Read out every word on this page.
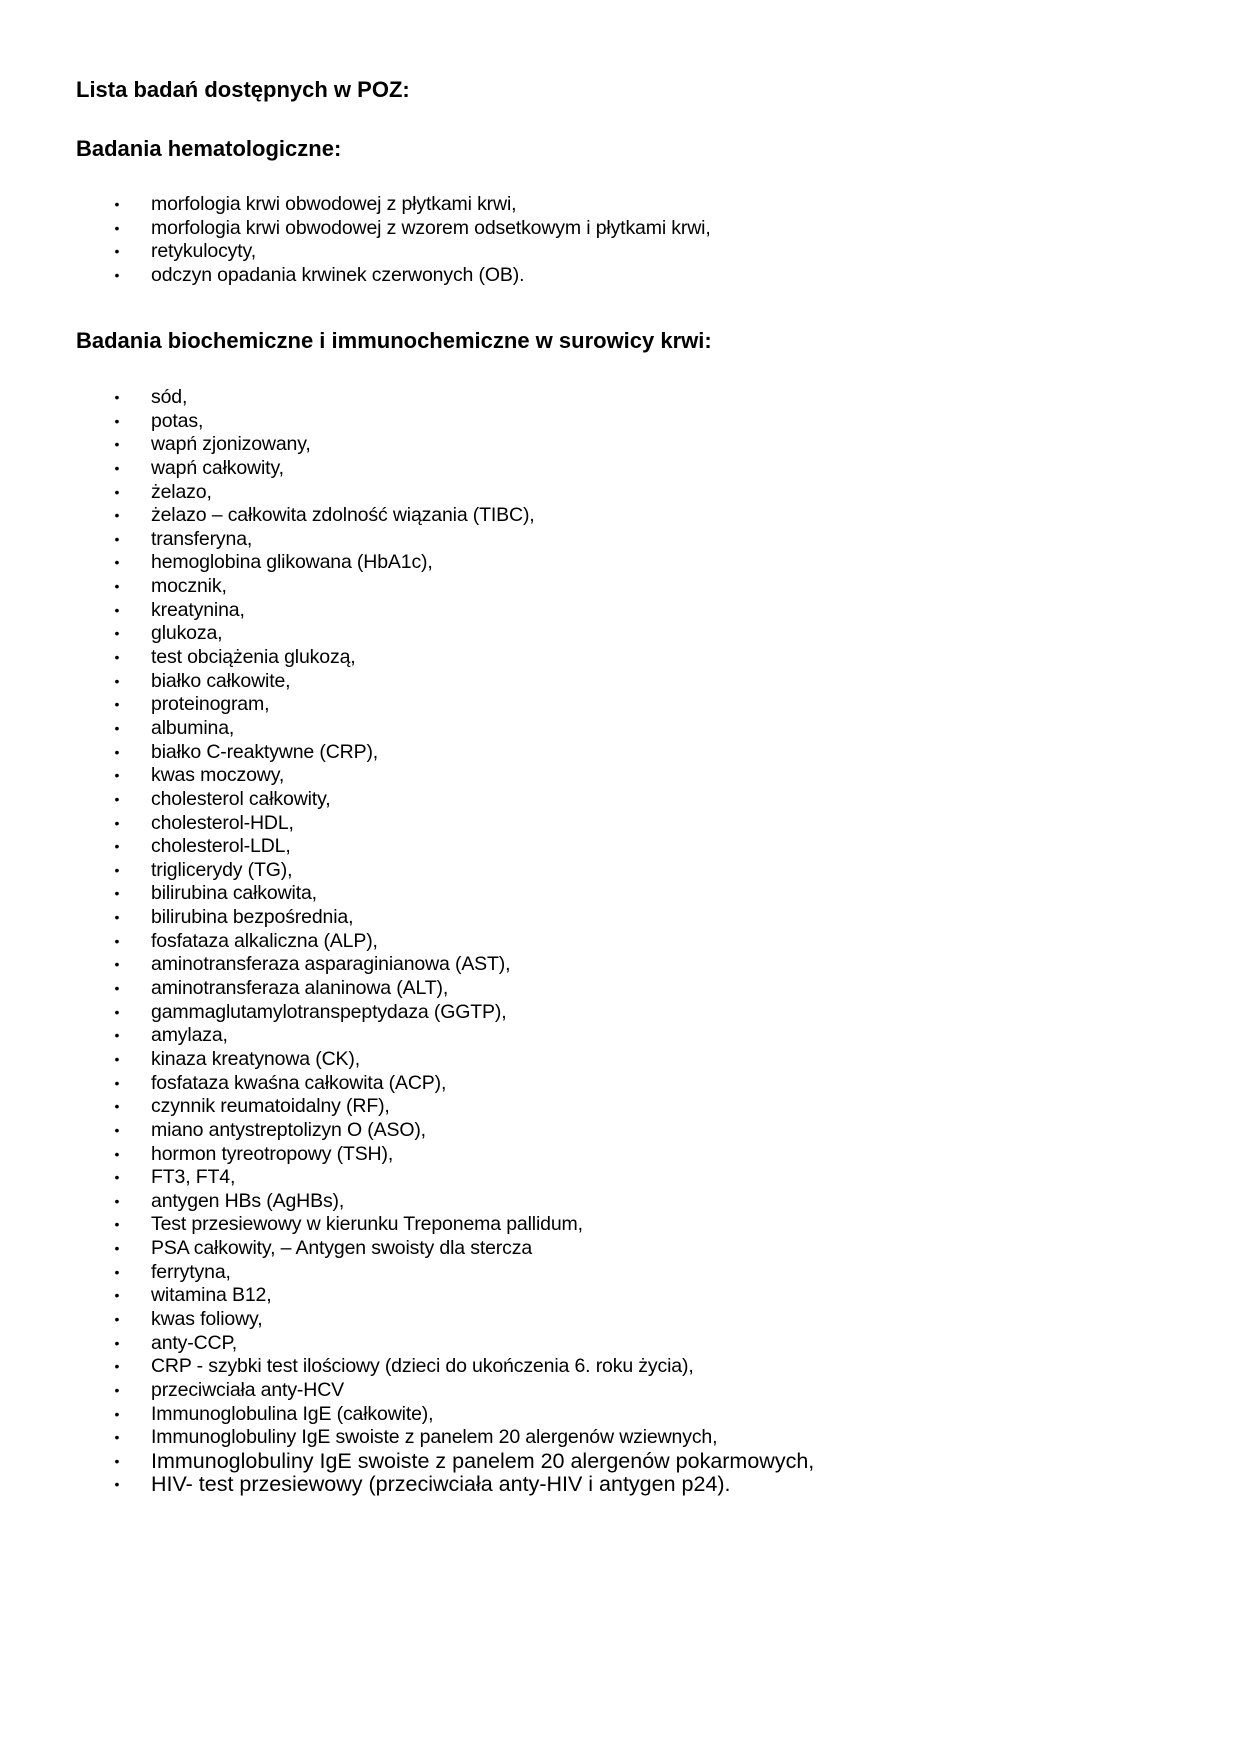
Lista badań dostępnych w POZ:
Badania hematologiczne:
• morfologia krwi obwodowej z płytkami krwi,
• morfologia krwi obwodowej z wzorem odsetkowym i płytkami krwi,
• retykulocyty,
• odczyn opadania krwinek czerwonych (OB).
Badania biochemiczne i immunochemiczne w surowicy krwi:
• sód,
• potas,
• wapń zjonizowany,
• wapń całkowity,
• żelazo,
• żelazo – całkowita zdolność wiązania (TIBC),
• transferyna,
• hemoglobina glikowana (HbA1c),
• mocznik,
• kreatynina,
• glukoza,
• test obciążenia glukozą,
• białko całkowite,
• proteinogram,
• albumina,
• białko C-reaktywne (CRP),
• kwas moczowy,
• cholesterol całkowity,
• cholesterol-HDL,
• cholesterol-LDL,
• triglicerydy (TG),
• bilirubina całkowita,
• bilirubina bezpośrednia,
• fosfataza alkaliczna (ALP),
• aminotransferaza asparaginianowa (AST),
• aminotransferaza alaninowa (ALT),
• gammaglutamylotranspeptydaza (GGTP),
• amylaza,
• kinaza kreatynowa (CK),
• fosfataza kwaśna całkowita (ACP),
• czynnik reumatoidalny (RF),
• miano antystreptolizyn O (ASO),
• hormon tyreotropowy (TSH),
• FT3, FT4,
• antygen HBs (AgHBs),
• Test przesiewowy w kierunku Treponema pallidum,
• PSA całkowity, – Antygen swoisty dla stercza
• ferrytyna,
• witamina B12,
• kwas foliowy,
• anty-CCP,
• CRP - szybki test ilościowy (dzieci do ukończenia 6. roku życia),
• przeciwciała anty-HCV
• Immunoglobulina IgE (całkowite),
• Immunoglobuliny IgE swoiste z panelem 20 alergenów wziewnych,
• Immunoglobuliny IgE swoiste z panelem 20 alergenów pokarmowych,
• HIV- test przesiewowy (przeciwciała anty-HIV i antygen p24).
